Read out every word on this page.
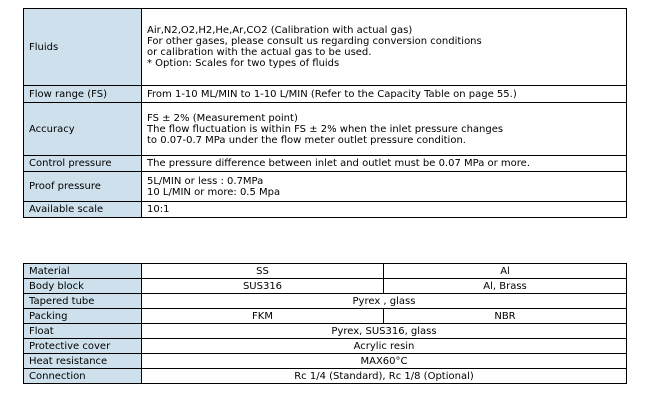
Fluids	Air,N2,O2,H2,He,Ar,CO2 (Calibration with actual gas)
For other gases, please consult us regarding conversion conditions
or calibration with the actual gas to be used.
* Option: Scales for two types of fluids

Flow range (FS)	From 1-10 ML/MIN to 1-10 L/MIN (Refer to the Capacity Table on page 55.)
Accuracy	FS ± 2% (Measurement point)
The flow fluctuation is within FS ± 2% when the inlet pressure changes
to 0.07-0.7 MPa under the flow meter outlet pressure condition.

Control pressure	The pressure difference between inlet and outlet must be 0.07 MPa or more.
Proof pressure	5L/MIN or less : 0.7MPa
10 L/MIN or more: 0.5 Mpa

Available scale	10:1
Material	SS	Al
Body block	SUS316	Al, Brass
Tapered tube	Pyrex , glass	
Packing	FKM	NBR
Float	Pyrex, SUS316, glass	
Protective cover	Acrylic resin	
Heat resistance	MAX60°C	
Connection	Rc 1/4 (Standard), Rc 1/8 (Optional)	
